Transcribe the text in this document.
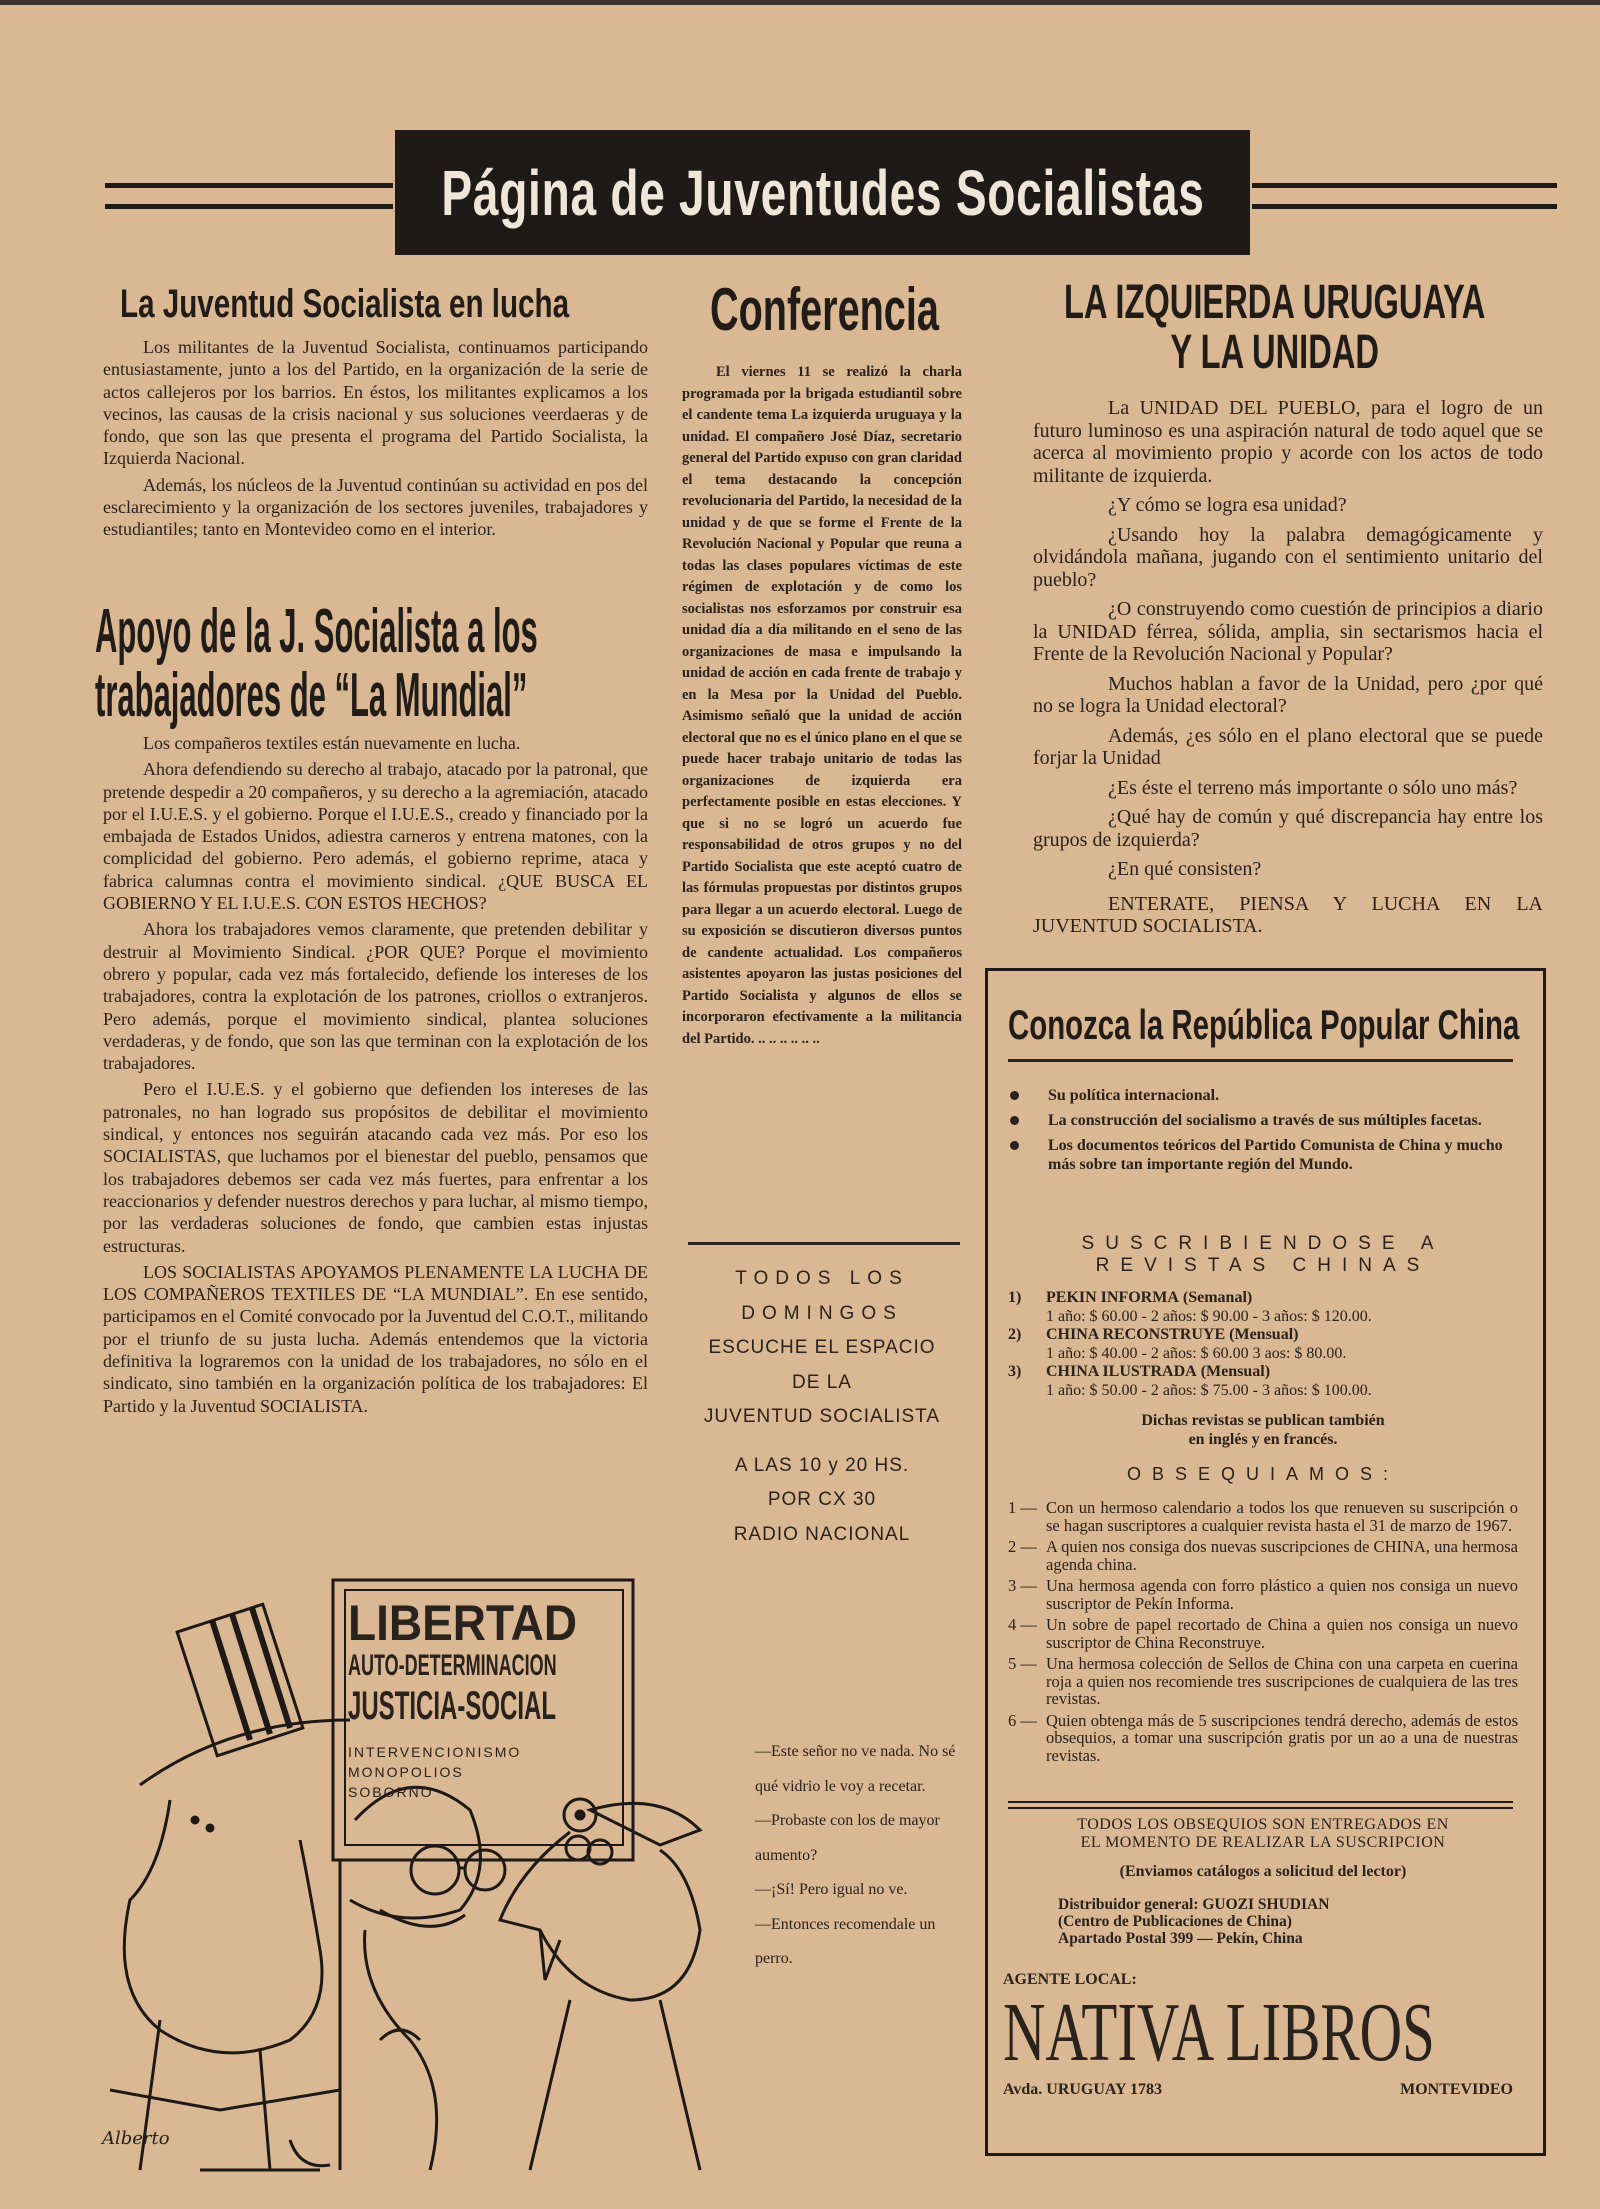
Página de Juventudes Socialistas
La Juventud Socialista en lucha

Los militantes de la Juventud Socialista, continuamos participando entusiastamente, junto a los del Partido, en la organización de la serie de actos callejeros por los barrios. En éstos, los militantes explicamos a los vecinos, las causas de la crisis nacional y sus soluciones veerdaeras y de fondo, que son las que presenta el programa del Partido Socialista, la Izquierda Nacional.

Además, los núcleos de la Juventud continúan su actividad en pos del esclarecimiento y la organización de los sectores juveniles, trabajadores y estudiantiles; tanto en Montevideo como en el interior.

Apoyo de la J. Socialista a los
trabajadores de “La Mundial”

Los compañeros textiles están nuevamente en lucha.

Ahora defendiendo su derecho al trabajo, atacado por la patronal, que pretende despedir a 20 compañeros, y su derecho a la agremiación, atacado por el I.U.E.S. y el gobierno. Porque el I.U.E.S., creado y financiado por la embajada de Estados Unidos, adiestra carneros y entrena matones, con la complicidad del gobierno. Pero además, el gobierno reprime, ataca y fabrica calumnas contra el movimiento sindical. ¿QUE BUSCA EL GOBIERNO Y EL I.U.E.S. CON ESTOS HECHOS?

Ahora los trabajadores vemos claramente, que pretenden debilitar y destruir al Movimiento Sindical. ¿POR QUE? Porque el movimiento obrero y popular, cada vez más fortalecido, defiende los intereses de los trabajadores, contra la explotación de los patrones, criollos o extranjeros. Pero además, porque el movimiento sindical, plantea soluciones verdaderas, y de fondo, que son las que terminan con la explotación de los trabajadores.

Pero el I.U.E.S. y el gobierno que defienden los intereses de las patronales, no han logrado sus propósitos de debilitar el movimiento sindical, y entonces nos seguirán atacando cada vez más. Por eso los SOCIALISTAS, que luchamos por el bienestar del pueblo, pensamos que los trabajadores debemos ser cada vez más fuertes, para enfrentar a los reaccionarios y defender nuestros derechos y para luchar, al mismo tiempo, por las verdaderas soluciones de fondo, que cambien estas injustas estructuras.

LOS SOCIALISTAS APOYAMOS PLENAMENTE LA LUCHA DE LOS COMPAÑEROS TEXTILES DE “LA MUNDIAL”. En ese sentido, participamos en el Comité convocado por la Juventud del C.O.T., militando por el triunfo de su justa lucha. Además entendemos que la victoria definitiva la lograremos con la unidad de los trabajadores, no sólo en el sindicato, sino también en la organización política de los trabajadores: El Partido y la Juventud SOCIALISTA.

Conferencia

El viernes 11 se realizó la charla programada por la brigada estudiantil sobre el candente tema La izquierda uruguaya y la unidad. El compañero José Díaz, secretario general del Partido expuso con gran claridad el tema destacando la concepción revolucionaria del Partido, la necesidad de la unidad y de que se forme el Frente de la Revolución Nacional y Popular que reuna a todas las clases populares víctimas de este régimen de explotación y de como los socialistas nos esforzamos por construir esa unidad día a día militando en el seno de las organizaciones de masa e impulsando la unidad de acción en cada frente de trabajo y en la Mesa por la Unidad del Pueblo. Asimismo señaló que la unidad de acción electoral que no es el único plano en el que se puede hacer trabajo unitario de todas las organizaciones de izquierda era perfectamente posible en estas elecciones. Y que si no se logró un acuerdo fue responsabilidad de otros grupos y no del Partido Socialista que este aceptó cuatro de las fórmulas propuestas por distintos grupos para llegar a un acuerdo electoral. Luego de su exposición se discutieron diversos puntos de candente actualidad. Los compañeros asistentes apoyaron las justas posiciones del Partido Socialista y algunos de ellos se incorporaron efectivamente a la militancia del Partido. .. .. .. .. .. ..

TODOS LOS
DOMINGOS
ESCUCHE EL ESPACIO
DE LA
JUVENTUD SOCIALISTA
A LAS 10 y 20 HS.
POR CX 30
RADIO NACIONAL
LIBERTAD
AUTO-DETERMINACION
JUSTICIA-SOCIAL
INTERVENCIONISMO
MONOPOLIOS
SOBORNO
Alberto
—Este señor no ve nada. No sé qué vidrio le voy a recetar.
—Probaste con los de mayor aumento?
—¡Sí! Pero igual no ve.
—Entonces recomendale un perro.
LA IZQUIERDA URUGUAYA
Y LA UNIDAD

La UNIDAD DEL PUEBLO, para el logro de un futuro luminoso es una aspiración natural de todo aquel que se acerca al movimiento propio y acorde con los actos de todo militante de izquierda.

¿Y cómo se logra esa unidad?

¿Usando hoy la palabra demagógicamente y olvidándola mañana, jugando con el sentimiento unitario del pueblo?

¿O construyendo como cuestión de principios a diario la UNIDAD férrea, sólida, amplia, sin sectarismos hacia el Frente de la Revolución Nacional y Popular?

Muchos hablan a favor de la Unidad, pero ¿por qué no se logra la Unidad electoral?

Además, ¿es sólo en el plano electoral que se puede forjar la Unidad

¿Es éste el terreno más importante o sólo uno más?

¿Qué hay de común y qué discrepancia hay entre los grupos de izquierda?

¿En qué consisten?

ENTERATE, PIENSA Y LUCHA EN LA JUVENTUD SOCIALISTA.

Conozca la República Popular China
Su política internacional.
La construcción del socialismo a través de sus múltiples facetas.
Los documentos teóricos del Partido Comunista de China y mucho más sobre tan importante región del Mundo.
SUSCRIBIENDOSE A
REVISTAS CHINAS
1) PEKIN INFORMA (Semanal)
1 año: $ 60.00 - 2 años: $ 90.00 - 3 años: $ 120.00.
2) CHINA RECONSTRUYE (Mensual)
1 año: $ 40.00 - 2 años: $ 60.00 3 aos: $ 80.00.
3) CHINA ILUSTRADA (Mensual)
1 año: $ 50.00 - 2 años: $ 75.00 - 3 años: $ 100.00.
Dichas revistas se publican también
en inglés y en francés.
OBSEQUIAMOS:
1 — Con un hermoso calendario a todos los que renueven su suscripción o se hagan suscriptores a cualquier revista hasta el 31 de marzo de 1967.
2 — A quien nos consiga dos nuevas suscripciones de CHINA, una hermosa agenda china.
3 — Una hermosa agenda con forro plástico a quien nos consiga un nuevo suscriptor de Pekín Informa.
4 — Un sobre de papel recortado de China a quien nos consiga un nuevo suscriptor de China Reconstruye.
5 — Una hermosa colección de Sellos de China con una carpeta en cuerina roja a quien nos recomiende tres suscripciones de cualquiera de las tres revistas.
6 — Quien obtenga más de 5 suscripciones tendrá derecho, además de estos obsequios, a tomar una suscripción gratis por un ao a una de nuestras revistas.
TODOS LOS OBSEQUIOS SON ENTREGADOS EN
EL MOMENTO DE REALIZAR LA SUSCRIPCION
(Enviamos catálogos a solicitud del lector)
Distribuidor general: GUOZI SHUDIAN
(Centro de Publicaciones de China)
Apartado Postal 399 — Pekín, China
AGENTE LOCAL:
NATIVA LIBROS
Avda. URUGUAY 1783	MONTEVIDEO
